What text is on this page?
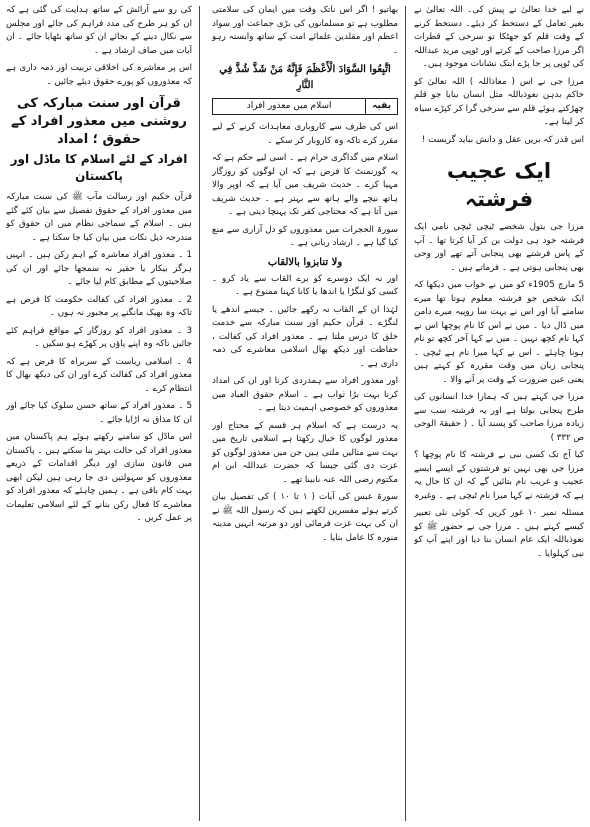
نے لیے خدا تعالیٰ نے پیش کی۔ اللہ تعالیٰ نے بغیر تعامل کے دستخط کر دیئے۔ دستخط کرنے کے وقت قلم کو جھٹکا تو سرخی کے قطرات اگر مرزا صاحب کے کرتے اور ٹوپی مرید عبداللہ کی ٹوپی پر جا پڑے ابتک نشانات موجود ہیں۔

مرزا جی نے اس ( معاذاللہ ) اللہ تعالیٰ کو خاکم بدہن نعوذباللہ مثل انسان بنایا جو قلم چھڑکتے ہوئے قلم سے سرخی گرا کر کپڑے سیاہ کر لیتا ہے۔

اس قدر کہ بریں عقل و دانش بباید گریست !

ایک عجیب فرشتہ

مرزا جی بتول شخصے ٹیچی ٹیچی نامی ایک فرشتہ خود ہی دولت بن کر آیا کرتا تھا ۔ آپ کے پاس فرشتے بھی پنجابی آتے تھے اور وحی بھی پنجابی ہوتی ہے ۔ فرماتے ہیں ۔

5 مارچ 1905ء کو میں نے خواب میں دیکھا کہ ایک شخص جو فرشتہ معلوم ہوتا تھا میرے سامنے آیا اور اس نے بہت سا روپیہ میرے دامن میں ڈال دیا ۔ میں نے اس کا نام پوچھا اس نے کہا نام کچھ نہیں ۔ میں نے کہا آخر کچھ تو نام ہونا چاہئے ۔ اس نے کہا میرا نام ہے ٹیچی ۔ پنجابی زبان میں وقت مقررہ کو کہتے ہیں یعنی عین ضرورت کے وقت پر آنے والا ۔

مرزا جی کہتے ہیں کہ ہمارا خدا انسانوں کی طرح پنجابی بولتا ہے اور یہ فرشتہ سب سے زیادہ مرزا صاحب کو پسند آیا ۔ ( حقیقۃ الوحی ص ۳۳۲ )

کیا آج تک کسی نبی نے فرشتہ کا نام پوچھا ؟ مرزا جی بھی نہیں تو فرشتوں کے ایسے ایسے عجیب و غریب نام بتائیں گے کہ ان کا حال یہ ہے کہ فرشتہ نے کہا میرا نام ٹیچی ہے ۔ وغیرہ

مسئلہ نمبر ۱۰ غور کریں کہ کوئی نئی تعبیر کیسے کہتے ہیں ۔ مرزا جی نے حضور ﷺ کو نعوذباللہ ایک عام انسان بنا دیا اور اپنے آپ کو نبی کہلوایا ۔

بھاتیو ! اگر اس ناتک وقت میں ایمان کی سلامتی مطلوب ہے تو مسلمانوں کی بڑی جماعت اور سواد اعظم اور مقلدین علمائے امت کے ساتھ وابستہ رہو ۔

اتَّبِعُوا السَّوَادَ الْأَعْظَمَ فَإِنَّهُ مَنْ شَذَّ شُذَّ فِي النَّارِ
بقیہ
اسلام میں معذور افراد

اس کی طرف سے کاروباری معاہدات کرنے کے لیے مقرر کرے تاکہ وہ کاروبار کر سکے ۔

اسلام میں گداگری حرام ہے ۔ اسی لیے حکم ہے کہ یہ گورنمنٹ کا فرض ہے کہ ان لوگوں کو روزگار مہیا کرے ۔ حدیث شریف میں آیا ہے کہ اوپر والا ہاتھ نیچے والے ہاتھ سے بہتر ہے ۔ حدیث شریف میں آتا ہے کہ محتاجی کفر تک پہنچا دیتی ہے ۔

سورۃ الحجرات میں معذوروں کو دل آزاری سے منع کیا گیا ہے ۔ ارشاد ربانی ہے ۔

ولا تنابزوا بالالقاب

اور نہ ایک دوسرے کو برے القاب سے یاد کرو ۔ کسی کو لنگڑا یا اندھا یا کانا کہنا ممنوع ہے ۔

لہٰذا ان کے القاب نہ رکھے جائیں ۔ جیسے اندھے یا لنگڑے ۔ قرآن حکیم اور سنت مبارکہ سے خدمت خلق کا درس ملتا ہے ۔ معذور افراد کی کفالت ، حفاظت اور دیکھ بھال اسلامی معاشرے کی ذمہ داری ہے ۔

اور معذور افراد سے ہمدردی کرنا اور ان کی امداد کرنا بہت بڑا ثواب ہے ۔ اسلام حقوق العباد میں معذوروں کو خصوصی اہمیت دیتا ہے ۔

یہ درست ہے کہ اسلام ہر قسم کے محتاج اور معذور لوگوں کا خیال رکھتا ہے اسلامی تاریخ میں بہت سے مثالیں ملتی ہیں جن میں معذور لوگوں کو عزت دی گئی جیسا کہ حضرت عبداللہ ابن ام مکتوم رضی اللہ عنہ نابینا تھے ۔

سورۃ عبس کی آیات ( ۱ تا ۱۰ ) کی تفصیل بیان کرتے ہوئے مفسرین لکھتے ہیں کہ رسول اللہ ﷺ نے ان کی بہت عزت فرمائی اور دو مرتبہ انہیں مدینہ منورہ کا عامل بنایا ۔

کی رو سے آرائش کے ساتھ ہدایت کی گئی ہے کہ ان کو ہر طرح کی مدد فراہم کی جائے اور مجلس سے نکال دینے کے بجائے ان کو ساتھ بٹھایا جائے ۔ ان آیات میں صاف ارشاد ہے ۔

اس پر معاشرہ کی اخلاقی تربیت اور ذمہ داری ہے کہ معذوروں کو پورے حقوق دیئے جائیں ۔

قرآن اور سنت مبارکہ کی روشنی میں معذور افراد کے حقوق ؛ امداد
افراد کے لئے اسلام کا ماڈل اور پاکستان

قرآن حکیم اور رسالت مآب ﷺ کی سنت مبارکہ میں معذور افراد کے حقوق تفصیل سے بیان کئے گئے ہیں ۔ اسلام کے سماجی نظام میں ان حقوق کو مندرجہ ذیل نکات میں بیان کیا جا سکتا ہے ۔

1 ۔ معذور افراد معاشرہ کے اہم رکن ہیں ۔ انہیں ہرگز بیکار یا حقیر نہ سمجھا جائے اور ان کی صلاحیتوں کے مطابق کام لیا جائے ۔

2 ۔ معذور افراد کی کفالت حکومت کا فرض ہے تاکہ وہ بھیک مانگنے پر مجبور نہ ہوں ۔

3 ۔ معذور افراد کو روزگار کے مواقع فراہم کئے جائیں تاکہ وہ اپنے پاؤں پر کھڑے ہو سکیں ۔

4 ۔ اسلامی ریاست کے سربراہ کا فرض ہے کہ معذور افراد کی کفالت کرے اور ان کی دیکھ بھال کا انتظام کرے ۔

5 ۔ معذور افراد کے ساتھ حسن سلوک کیا جائے اور ان کا مذاق نہ اڑایا جائے ۔

اس ماڈل کو سامنے رکھتے ہوئے ہم پاکستان میں معذور افراد کی حالت بہتر بنا سکتے ہیں ۔ پاکستان میں قانون سازی اور دیگر اقدامات کے ذریعے معذوروں کو سہولتیں دی جا رہی ہیں لیکن ابھی بہت کام باقی ہے ۔ ہمیں چاہئے کہ معذور افراد کو معاشرے کا فعال رکن بنانے کے لئے اسلامی تعلیمات پر عمل کریں ۔
